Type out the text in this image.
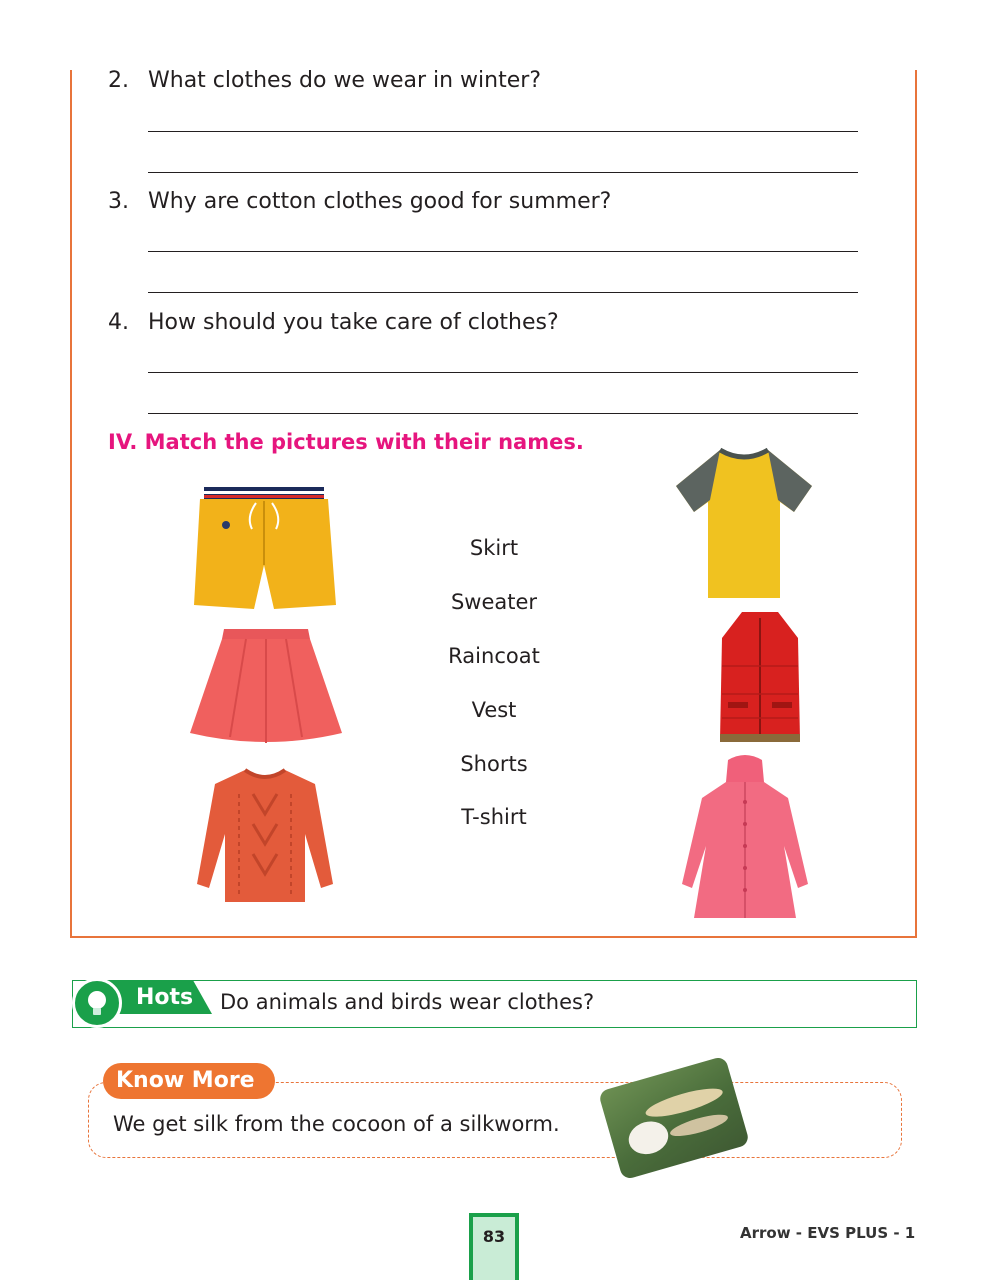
2. What clothes do we wear in winter?
3. Why are cotton clothes good for summer?
4. How should you take care of clothes?
IV. Match the pictures with their names.
Skirt
Sweater
Raincoat
Vest
Shorts
T-shirt
Hots Do animals and birds wear clothes?
Know More
We get silk from the cocoon of a silkworm.
83	Arrow - EVS PLUS - 1
